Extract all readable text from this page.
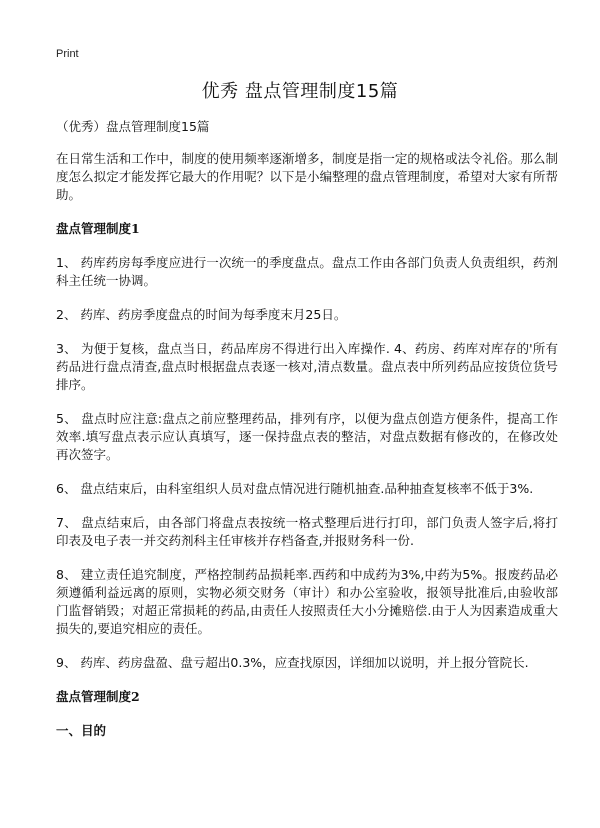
Print
优秀 盘点管理制度15篇

（优秀）盘点管理制度15篇

在日常生活和工作中，制度的使用频率逐渐增多，制度是指一定的规格或法令礼俗。那么制度怎么拟定才能发挥它最大的作用呢？以下是小编整理的盘点管理制度，希望对大家有所帮助。

盘点管理制度1

1、 药库药房每季度应进行一次统一的季度盘点。盘点工作由各部门负责人负责组织，药剂科主任统一协调。

2、 药库、药房季度盘点的时间为每季度末月25日。

3、 为便于复核，盘点当日，药品库房不得进行出入库操作. 4、药房、药库对库存的'所有药品进行盘点清查,盘点时根据盘点表逐一核对,清点数量。盘点表中所列药品应按货位货号排序。

5、 盘点时应注意:盘点之前应整理药品，排列有序，以便为盘点创造方便条件，提高工作效率.填写盘点表示应认真填写，逐一保持盘点表的整洁，对盘点数据有修改的，在修改处再次签字。

6、 盘点结束后，由科室组织人员对盘点情况进行随机抽查.品种抽查复核率不低于3%.

7、 盘点结束后，由各部门将盘点表按统一格式整理后进行打印，部门负责人签字后,将打印表及电子表一并交药剂科主任审核并存档备查,并报财务科一份.

8、 建立责任追究制度，严格控制药品损耗率.西药和中成药为3%,中药为5%。报废药品必须遵循利益远离的原则，实物必须交财务（审计）和办公室验收，报领导批准后,由验收部门监督销毁；对超正常损耗的药品,由责任人按照责任大小分摊赔偿.由于人为因素造成重大损失的,要追究相应的责任。

9、 药库、药房盘盈、盘亏超出0.3%，应查找原因，详细加以说明，并上报分管院长.

盘点管理制度2

一、目的
